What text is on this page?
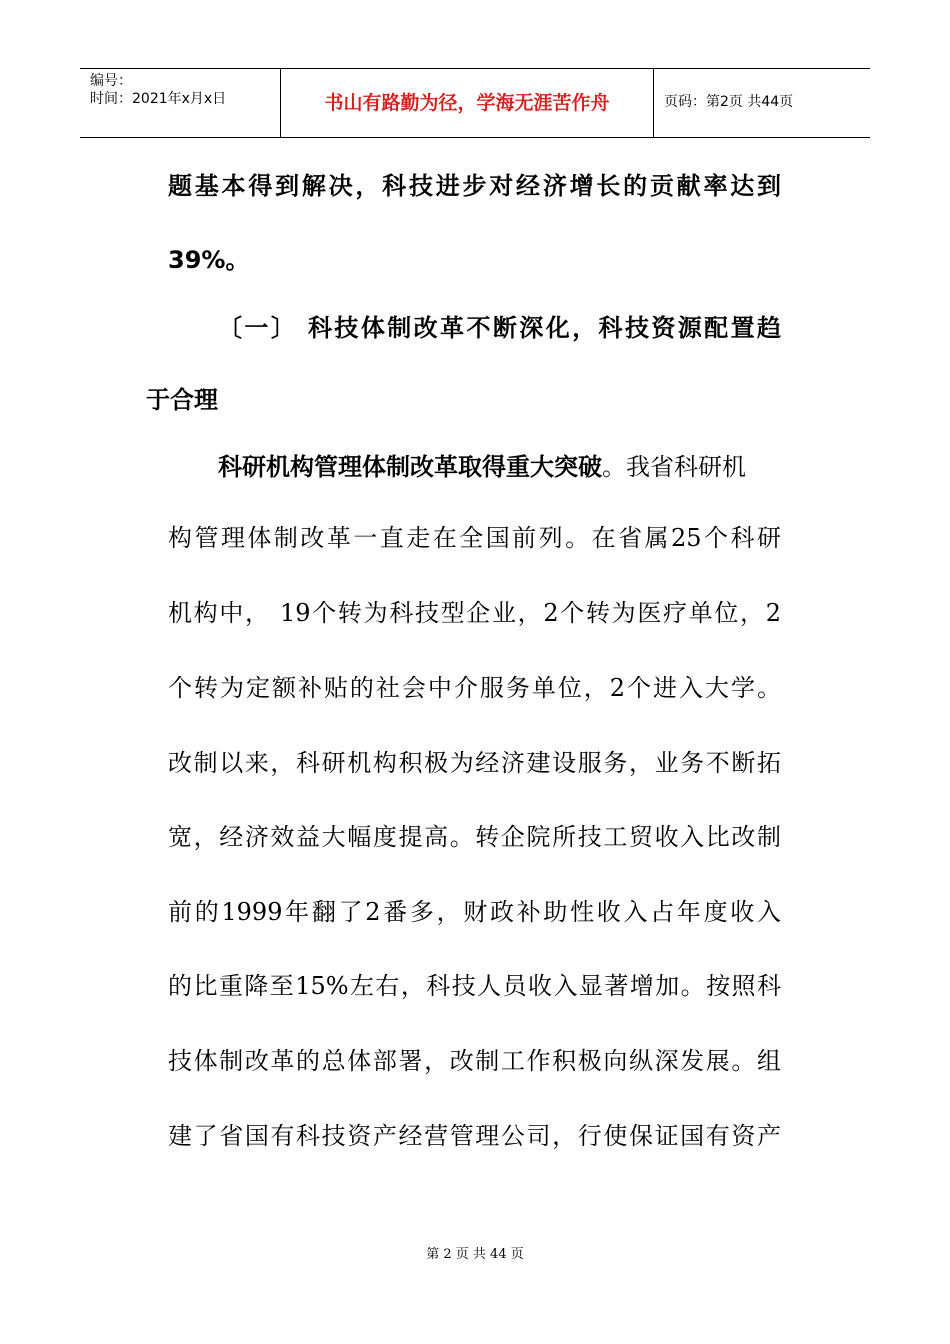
编号：
时间：2021年x月x日	书山有路勤为径，学海无涯苦作舟	页码：第2页 共44页
题基本得到解决，科技进步对经济增长的贡献率达到
39%。
〔一〕 科技体制改革不断深化，科技资源配置趋
于合理
科研机构管理体制改革取得重大突破。我省科研机
构管理体制改革一直走在全国前列。在省属25个科研
机构中， 19个转为科技型企业，2个转为医疗单位，2
个转为定额补贴的社会中介服务单位，2个进入大学。
改制以来，科研机构积极为经济建设服务，业务不断拓
宽，经济效益大幅度提高。转企院所技工贸收入比改制
前的1999年翻了2番多，财政补助性收入占年度收入
的比重降至15%左右，科技人员收入显著增加。按照科
技体制改革的总体部署，改制工作积极向纵深发展。组
建了省国有科技资产经营管理公司，行使保证国有资产
第 2 页 共 44 页
